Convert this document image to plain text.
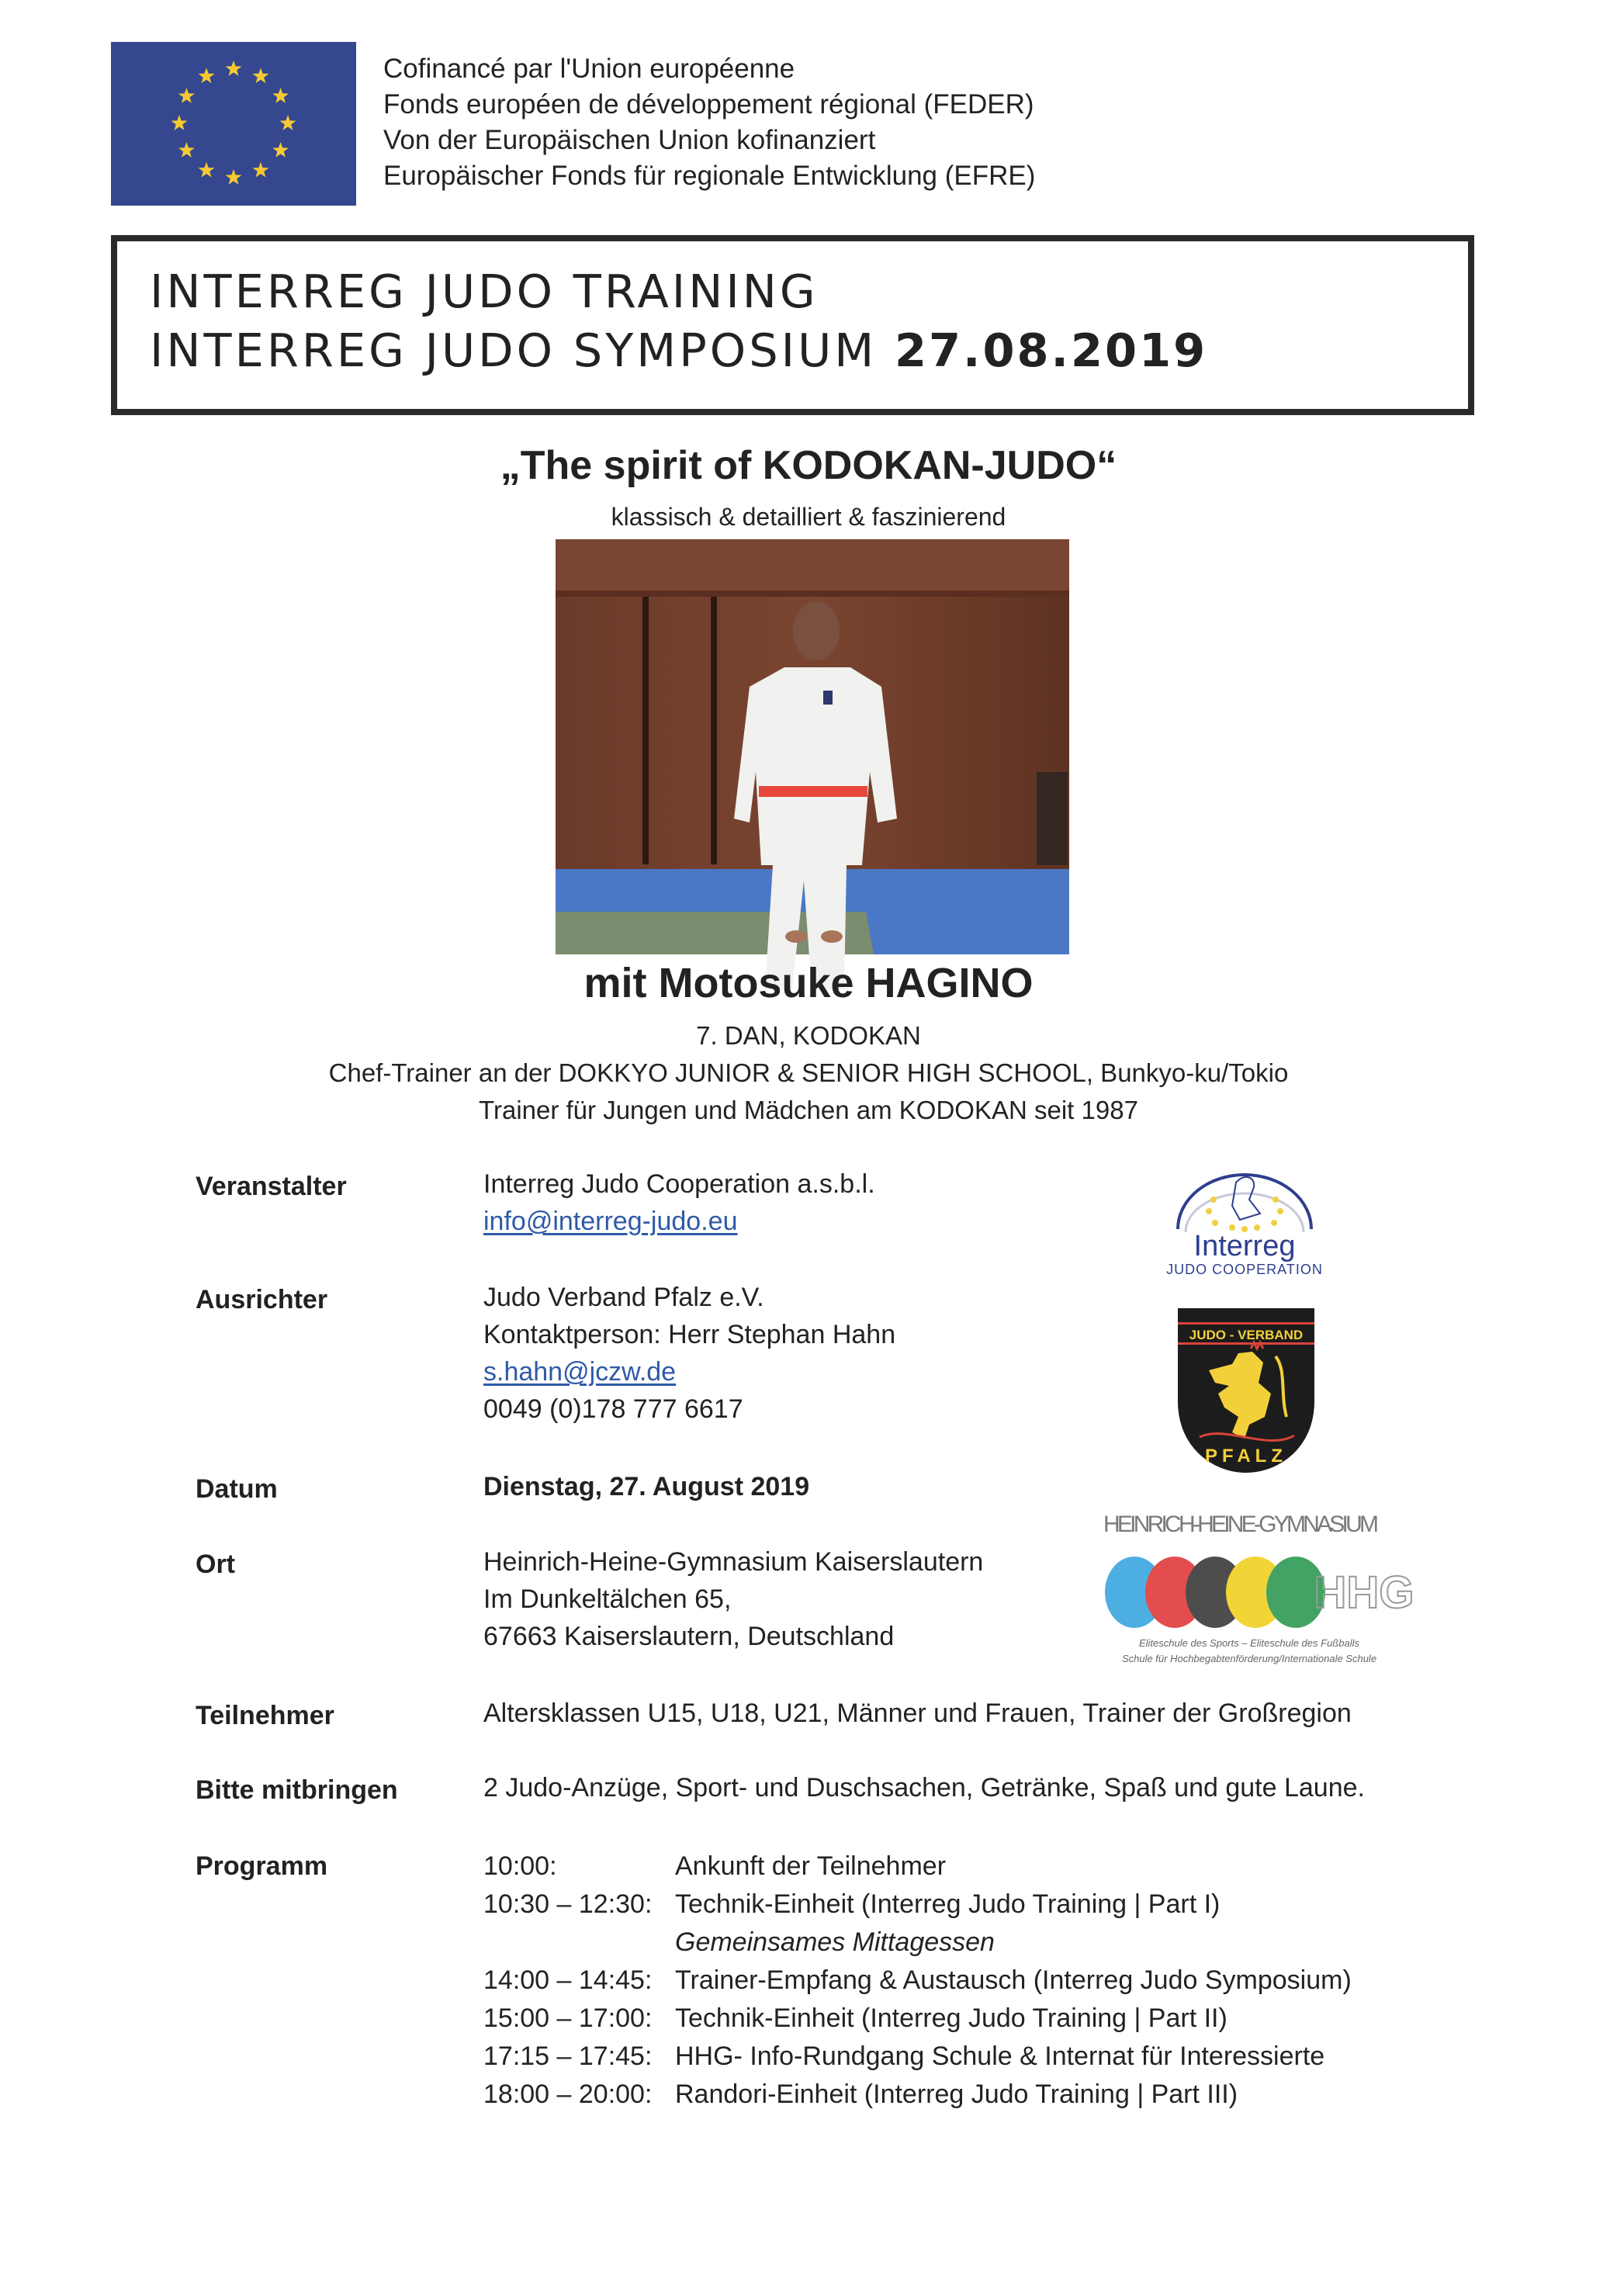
Cofinancé par l'Union européenne
Fonds européen de développement régional (FEDER)
Von der Europäischen Union kofinanziert
Europäischer Fonds für regionale Entwicklung (EFRE)
INTERREG JUDO TRAINING
INTERREG JUDO SYMPOSIUM 27.08.2019
„The spirit of KODOKAN-JUDO“
klassisch & detailliert & faszinierend
mit Motosuke HAGINO
7. DAN, KODOKAN
Chef-Trainer an der DOKKYO JUNIOR & SENIOR HIGH SCHOOL, Bunkyo-ku/Tokio
Trainer für Jungen und Mädchen am KODOKAN seit 1987
Veranstalter	Interreg Judo Cooperation a.s.b.l.
info@interreg-judo.eu
Ausrichter	Judo Verband Pfalz e.V.
Kontaktperson: Herr Stephan Hahn
s.hahn@jczw.de
0049 (0)178 777 6617
Datum	Dienstag, 27. August 2019
Ort	Heinrich-Heine-Gymnasium Kaiserslautern
Im Dunkeltälchen 65,
67663 Kaiserslautern, Deutschland
Teilnehmer	Altersklassen U15, U18, U21, Männer und Frauen, Trainer der Großregion
Bitte mitbringen	2 Judo-Anzüge, Sport- und Duschsachen, Getränke, Spaß und gute Laune.
Programm	10:00:	Ankunft der Teilnehmer
10:30 – 12:30: Technik-Einheit (Interreg Judo Training | Part I)
Gemeinsames Mittagessen
14:00 – 14:45: Trainer-Empfang & Austausch (Interreg Judo Symposium)
15:00 – 17:00: Technik-Einheit (Interreg Judo Training | Part II)
17:15 – 17:45: HHG- Info-Rundgang Schule & Internat für Interessierte
18:00 – 20:00: Randori-Einheit (Interreg Judo Training | Part III)
Interreg
JUDO COOPERATION
JUDO - VERBAND
PFALZ
HEINRICH-HEINE-GYMNASIUM
HHG
Eliteschule des Sports – Eliteschule des Fußballs
Schule für Hochbegabtenförderung/Internationale Schule
